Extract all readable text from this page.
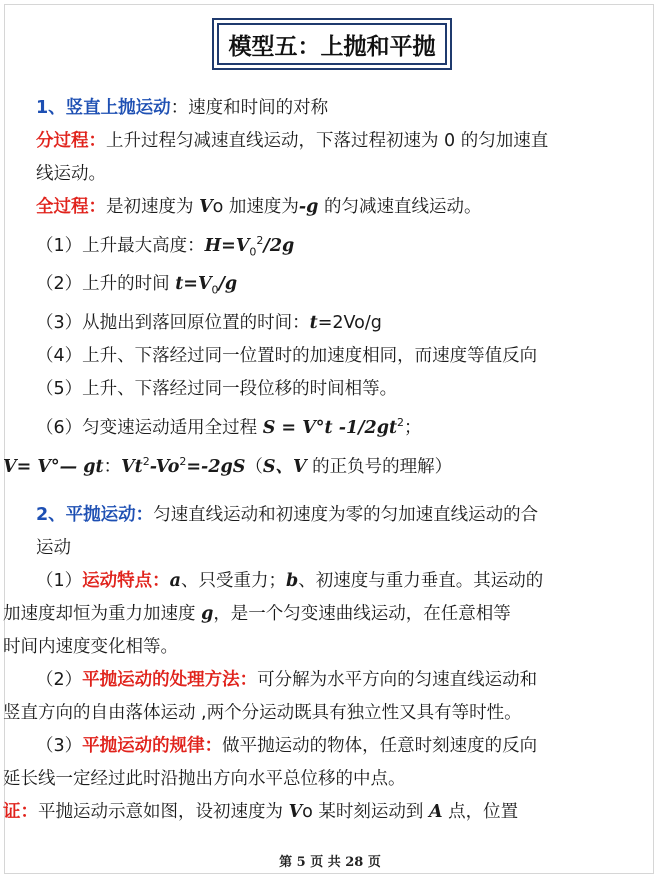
模型五：上抛和平抛
1、竖直上抛运动：速度和时间的对称
分过程：上升过程匀减速直线运动，下落过程初速为 0 的匀加速直
线运动。
全过程：是初速度为 Vo 加速度为-g 的匀减速直线运动。
（1）上升最大高度：$H=V_0^2/2g$
（2）上升的时间 $t=V_0/g$
（3）从抛出到落回原位置的时间：t=2Vo/g
（4）上升、下落经过同一位置时的加速度相同，而速度等值反向
（5）上升、下落经过同一段位移的时间相等。
（6）匀变速运动适用全过程 S = V°t $-1/2gt^2$；
V= V°— gt：$Vt^2-Vo^2=-2gS(S$、V 的正负号的理解）
2、平抛运动：匀速直线运动和初速度为零的匀加速直线运动的合
运动
（1）运动特点：a、只受重力；b、初速度与重力垂直。其运动的
加速度却恒为重力加速度 g，是一个匀变速曲线运动，在任意相等
时间内速度变化相等。
（2）平抛运动的处理方法：可分解为水平方向的匀速直线运动和
竖直方向的自由落体运动 ,两个分运动既具有独立性又具有等时性。
（3）平抛运动的规律：做平抛运动的物体，任意时刻速度的反向
延长线一定经过此时沿抛出方向水平总位移的中点。
证：平抛运动示意如图，设初速度为 Vo 某时刻运动到 A 点，位置
第 5 页 共 28 页
